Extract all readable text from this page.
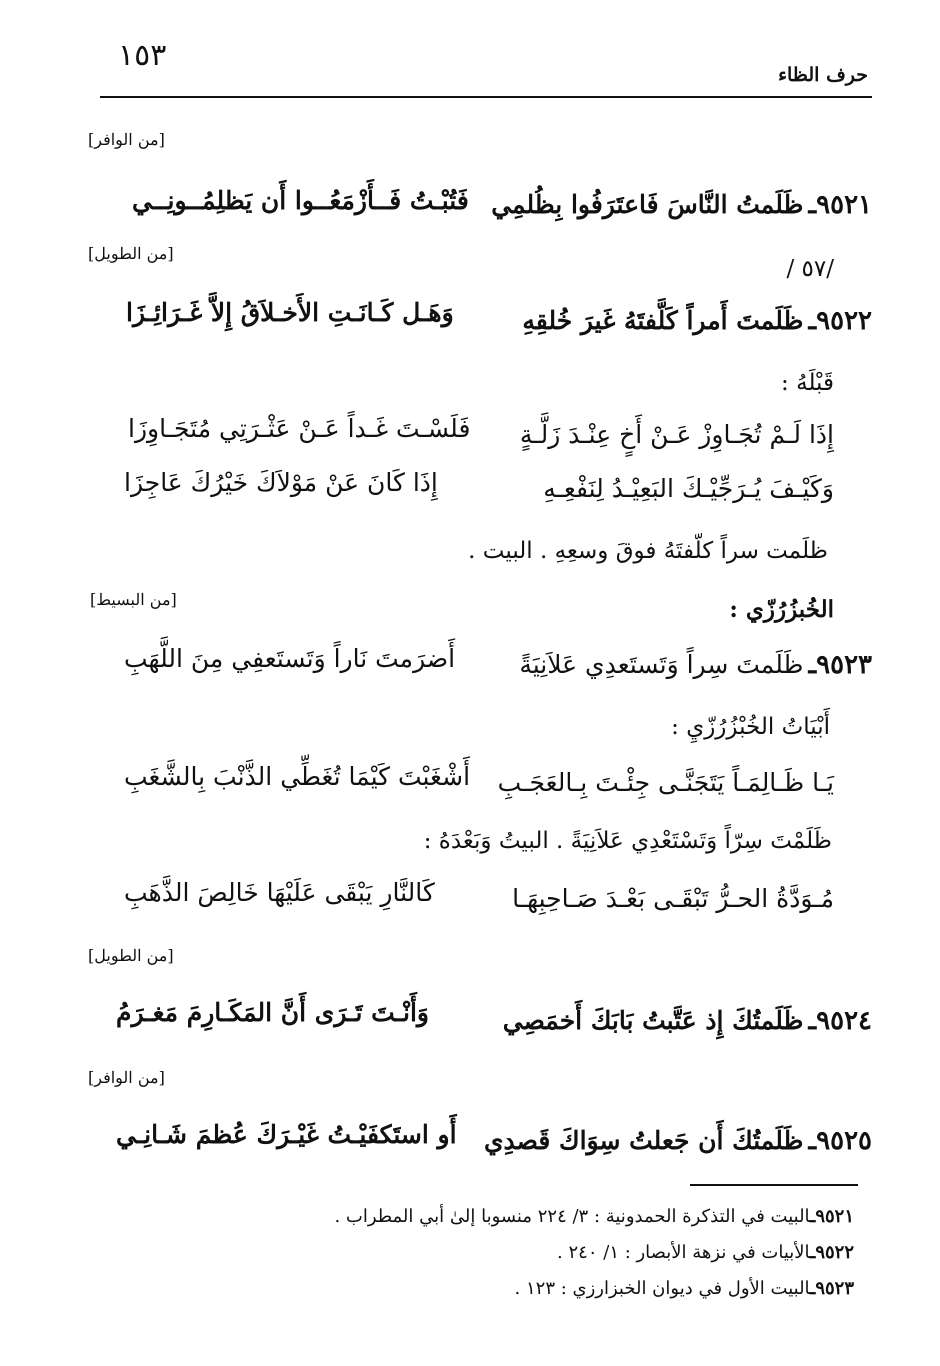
١٥٣
حرف الظاء
[من الوافر]
٩٥٢١ـ ظَلَمتُ النَّاسَ فَاعتَرَفُوا بِظُلمِي
فَتُبْـتُ فَــأَزْمَعُــوا أَن يَظلِمُــونِــي
/ ٥٧/
[من الطويل]
٩٥٢٢ـ ظَلَمتَ أَمراً كَلَّفتَهُ غَيرَ خُلقِهِ
وَهَـل كَـانَـتِ الأَخـلاَقُ إِلاَّ غَـرَائِـزَا
قَبْلَهُ :
إِذَا لَـمْ تُجَـاوِزْ عَـنْ أَخٍ عِنْـدَ زَلَّـةٍ
فَلَسْـتَ غَـداً عَـنْ عَثْـرَتِي مُتَجَـاوِزَا
وَكَيْـفَ يُـرَجِّيْـكَ البَعِيْـدُ لِنَفْعِـهِ
إِذَا كَانَ عَنْ مَوْلاَكَ خَيْرُكَ عَاجِزَا
ظلَمت سراً كلّفتَهُ فوقَ وسعِهِ . البيت .
[من البسيط]	الخُبزُرُزّي :
٩٥٢٣ـ ظَلَمتَ سِراً وَتَستَعدِي عَلاَنِيَةً
أَضرَمتَ نَاراً وَتَستَعفِي مِنَ اللَّهَبِ
أَبْيَاتُ الخُبْزُرُزّيِ :
يَـا ظَـالِمَـاً يَتَجَنَّـى جِئْـتَ بِـالعَجَـبِ
أَشْغَبْتَ كَيْمَا تُغَطِّي الذَّنْبَ بِالشَّغَبِ
ظَلَمْتَ سِرّاً وَتَسْتَعْدِي عَلاَنِيَةً . البيتُ وَبَعْدَهُ :
مُـوَدَّةُ الحـرُّ تَبْقَـى بَعْـدَ صَـاحِبِهَـا
كَالنَّارِ يَبْقَى عَلَيْهَا خَالِصَ الذَّهَبِ
[من الطويل]
٩٥٢٤ـ ظَلَمتُكَ إِذ عَتَّبتُ بَابَكَ أَخمَصِي
وَأَنْـتَ تَـرَى أَنَّ المَكَـارِمَ مَغـرَمُ
[من الوافر]
٩٥٢٥ـ ظَلَمتُكَ أَن جَعلتُ سِوَاكَ قَصدِي
أَو استَكفَيْـتُ غَيْـرَكَ عُظمَ شَـانِـي
٩٥٢١ـالبيت في التذكرة الحمدونية : ٣/ ٢٢٤ منسوبا إلىٰ أبي المطراب .
٩٥٢٢ـالأبيات في نزهة الأبصار : ١/ ٢٤٠ .
٩٥٢٣ـالبيت الأول في ديوان الخبزارزي : ١٢٣ .
